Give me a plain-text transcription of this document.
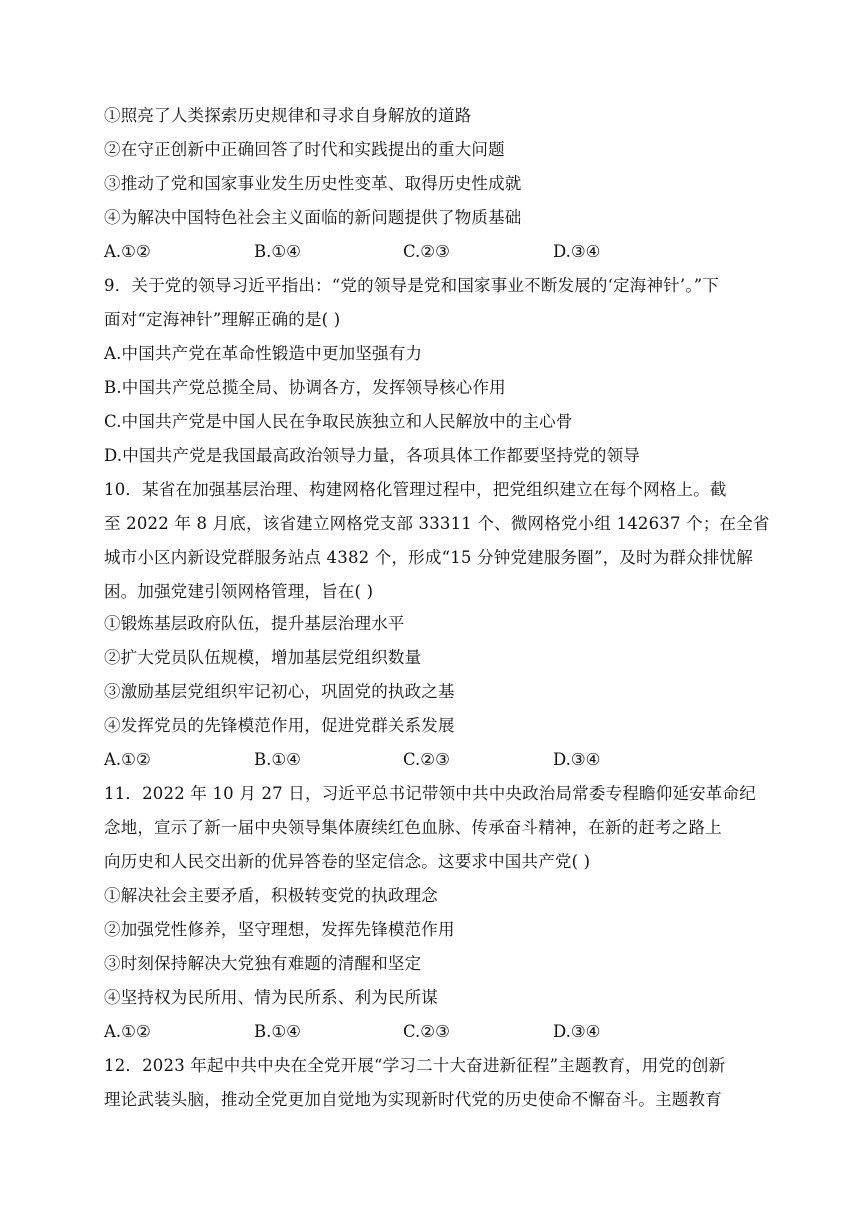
①照亮了人类探索历史规律和寻求自身解放的道路
②在守正创新中正确回答了时代和实践提出的重大问题
③推动了党和国家事业发生历史性变革、取得历史性成就
④为解决中国特色社会主义面临的新问题提供了物质基础
A.①②	B.①④	C.②③	D.③④
9．关于党的领导习近平指出：“党的领导是党和国家事业不断发展的‘定海神针’。”下
面对“定海神针”理解正确的是( )
A.中国共产党在革命性锻造中更加坚强有力
B.中国共产党总揽全局、协调各方，发挥领导核心作用
C.中国共产党是中国人民在争取民族独立和人民解放中的主心骨
D.中国共产党是我国最高政治领导力量，各项具体工作都要坚持党的领导
10．某省在加强基层治理、构建网格化管理过程中，把党组织建立在每个网格上。截
至 2022 年 8 月底，该省建立网格党支部 33311 个、微网格党小组 142637 个；在全省
城市小区内新设党群服务站点 4382 个，形成“15 分钟党建服务圈”，及时为群众排忧解
困。加强党建引领网格管理，旨在( )
①锻炼基层政府队伍，提升基层治理水平
②扩大党员队伍规模，增加基层党组织数量
③激励基层党组织牢记初心，巩固党的执政之基
④发挥党员的先锋模范作用，促进党群关系发展
A.①②	B.①④	C.②③	D.③④
11．2022 年 10 月 27 日，习近平总书记带领中共中央政治局常委专程瞻仰延安革命纪
念地，宣示了新一届中央领导集体赓续红色血脉、传承奋斗精神，在新的赶考之路上
向历史和人民交出新的优异答卷的坚定信念。这要求中国共产党( )
①解决社会主要矛盾，积极转变党的执政理念
②加强党性修养，坚守理想，发挥先锋模范作用
③时刻保持解决大党独有难题的清醒和坚定
④坚持权为民所用、情为民所系、利为民所谋
A.①②	B.①④	C.②③	D.③④
12．2023 年起中共中央在全党开展“学习二十大奋进新征程”主题教育，用党的创新
理论武装头脑，推动全党更加自觉地为实现新时代党的历史使命不懈奋斗。主题教育
